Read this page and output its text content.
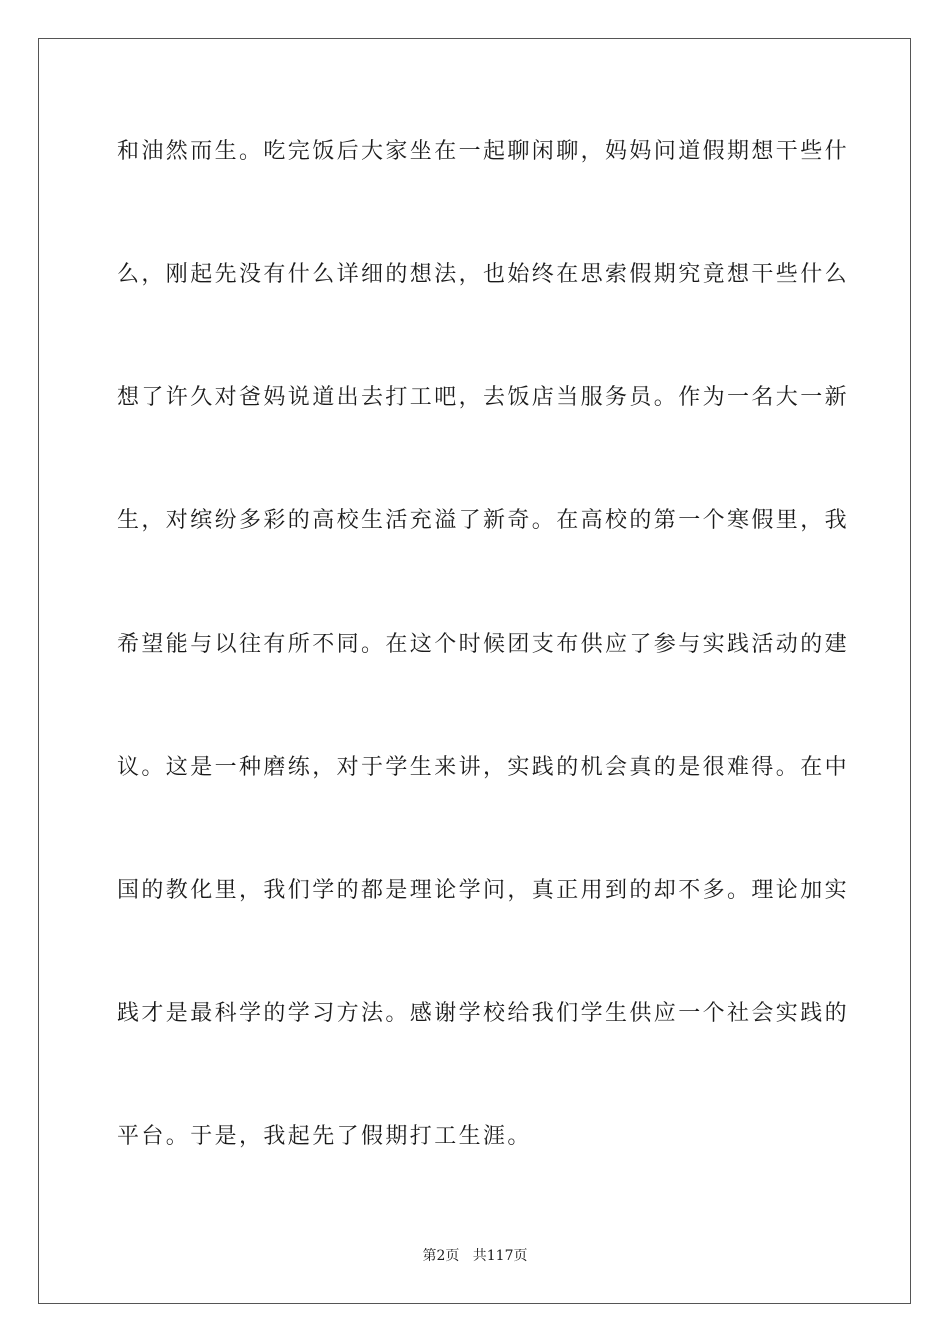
和油然而生。吃完饭后大家坐在一起聊闲聊，妈妈问道假期想干些什
么，刚起先没有什么详细的想法，也始终在思索假期究竟想干些什么
想了许久对爸妈说道出去打工吧，去饭店当服务员。作为一名大一新
生，对缤纷多彩的高校生活充溢了新奇。在高校的第一个寒假里，我
希望能与以往有所不同。在这个时候团支布供应了参与实践活动的建
议。这是一种磨练，对于学生来讲，实践的机会真的是很难得。在中
国的教化里，我们学的都是理论学问，真正用到的却不多。理论加实
践才是最科学的学习方法。感谢学校给我们学生供应一个社会实践的
平台。于是，我起先了假期打工生涯。
第2页 共117页
